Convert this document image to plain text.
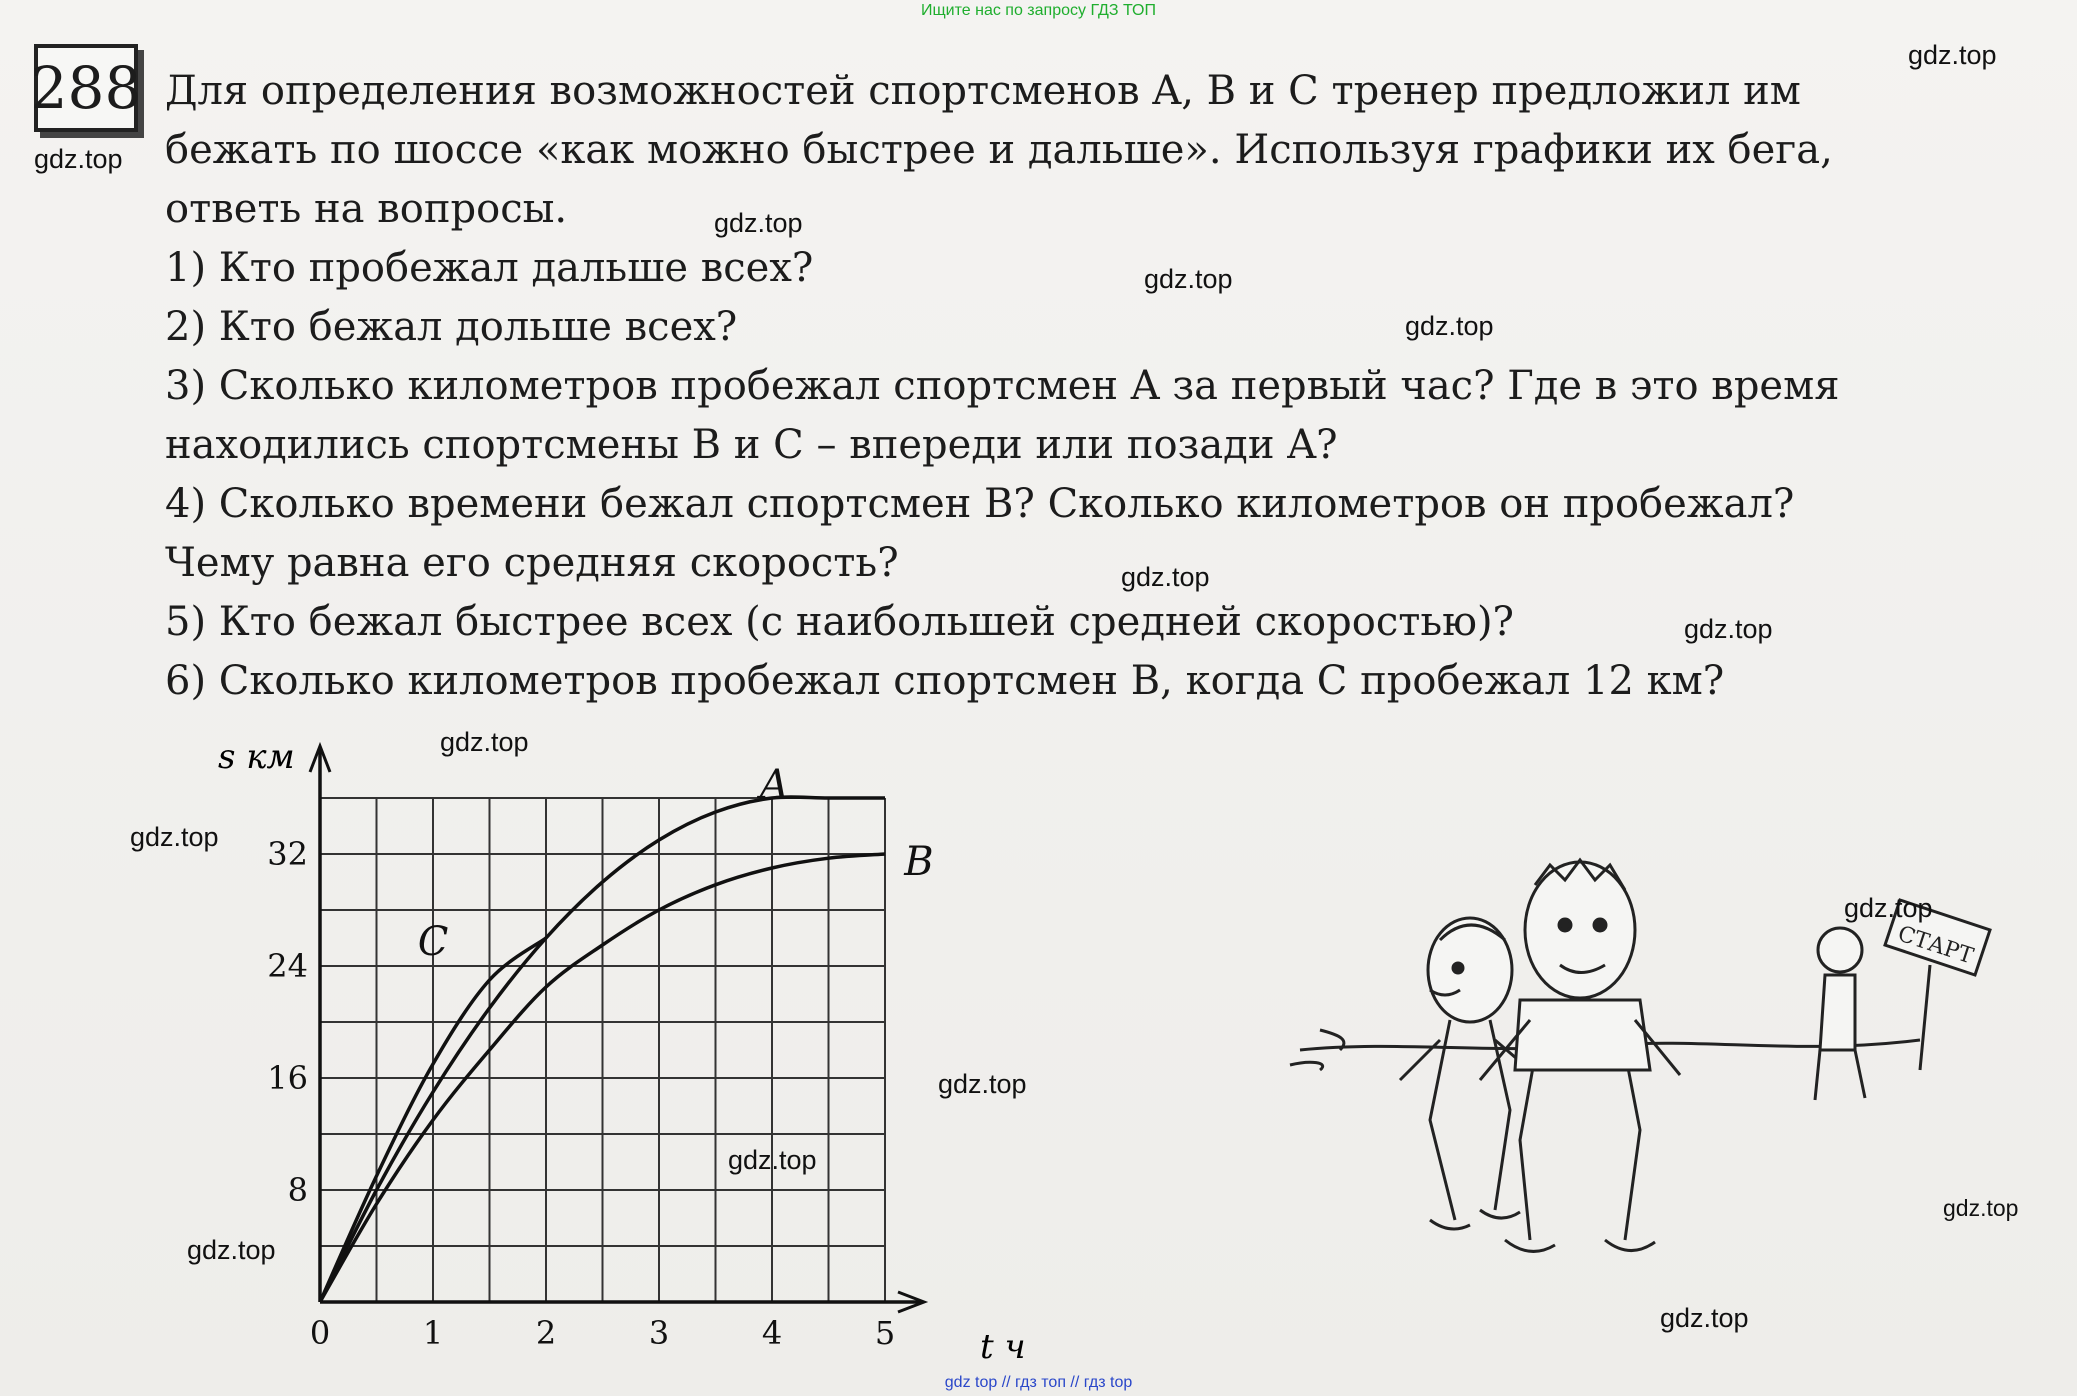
Ищите нас по запросу ГДЗ ТОП
288 Для определения возможностей спортсменов A, B и C тренер предложил им

бежать по шоссе «как можно быстрее и дальше». Используя графики их бега,

ответь на вопросы.

1) Кто пробежал дальше всех?

2) Кто бежал дольше всех?

3) Сколько километров пробежал спортсмен A за первый час? Где в это время

находились спортсмены B и C – впереди или позади A?

4) Сколько времени бежал спортсмен B? Сколько километров он пробежал?

Чему равна его средняя скорость?

5) Кто бежал быстрее всех (с наибольшей средней скоростью)?

6) Сколько километров пробежал спортсмен B, когда C пробежал 12 км?

0	1	2	3	4	5
8
16
24
32
A
B
C
s км
t ч
СТАРТ
gdz.top
gdz.top
gdz.top
gdz.top
gdz.top
gdz.top
gdz.top
gdz.top
gdz.top
gdz.top
gdz.top
gdz.top
gdz.top
gdz.top
gdz.top
gdz top // гдз топ // гдз top
